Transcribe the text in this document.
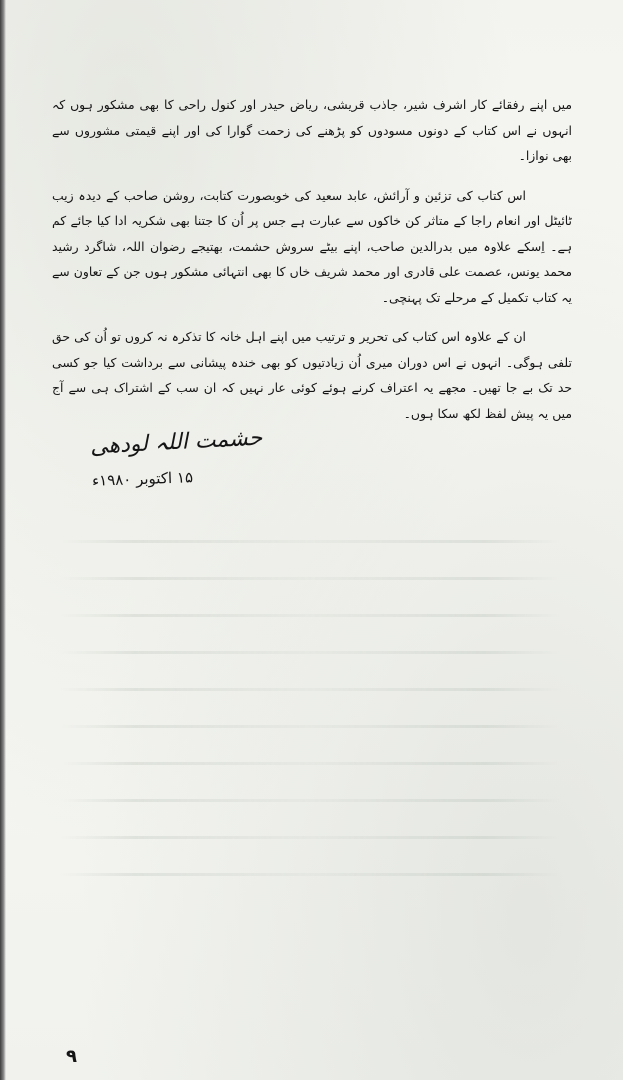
میں اپنے رفقائے کار اشرف شیر، جاذب قریشی، ریاض حیدر اور کنول راحی کا بھی مشکور ہوں کہ انہوں نے اس کتاب کے دونوں مسودوں کو پڑھنے کی زحمت گوارا کی اور اپنے قیمتی مشوروں سے بھی نوازا۔

اس کتاب کی تزئین و آرائش، عابد سعید کی خوبصورت کتابت، روشن صاحب کے دیدہ زیب ٹائیٹل اور انعام راجا کے متاثر کن خاکوں سے عبارت ہے جس پر اُن کا جتنا بھی شکریہ ادا کیا جائے کم ہے۔ اِسکے علاوہ میں بدرالدین صاحب، اپنے بیٹے سروش حشمت، بھتیجے رضوان اللہ، شاگرد رشید محمد یونس، عصمت علی قادری اور محمد شریف خاں کا بھی انتہائی مشکور ہوں جن کے تعاون سے یہ کتاب تکمیل کے مرحلے تک پہنچی۔

ان کے علاوہ اس کتاب کی تحریر و ترتیب میں اپنے اہل خانہ کا تذکرہ نہ کروں تو اُن کی حق تلفی ہوگی۔ انہوں نے اس دوران میری اُن زیادتیوں کو بھی خندہ پیشانی سے برداشت کیا جو کسی حد تک بے جا تھیں۔ مجھے یہ اعتراف کرنے ہوئے کوئی عار نہیں کہ ان سب کے اشتراک ہی سے آج میں یہ پیش لفظ لکھ سکا ہوں۔

حشمت اللہ لودھی
۱۵ اکتوبر ۱۹۸۰ء
۹
